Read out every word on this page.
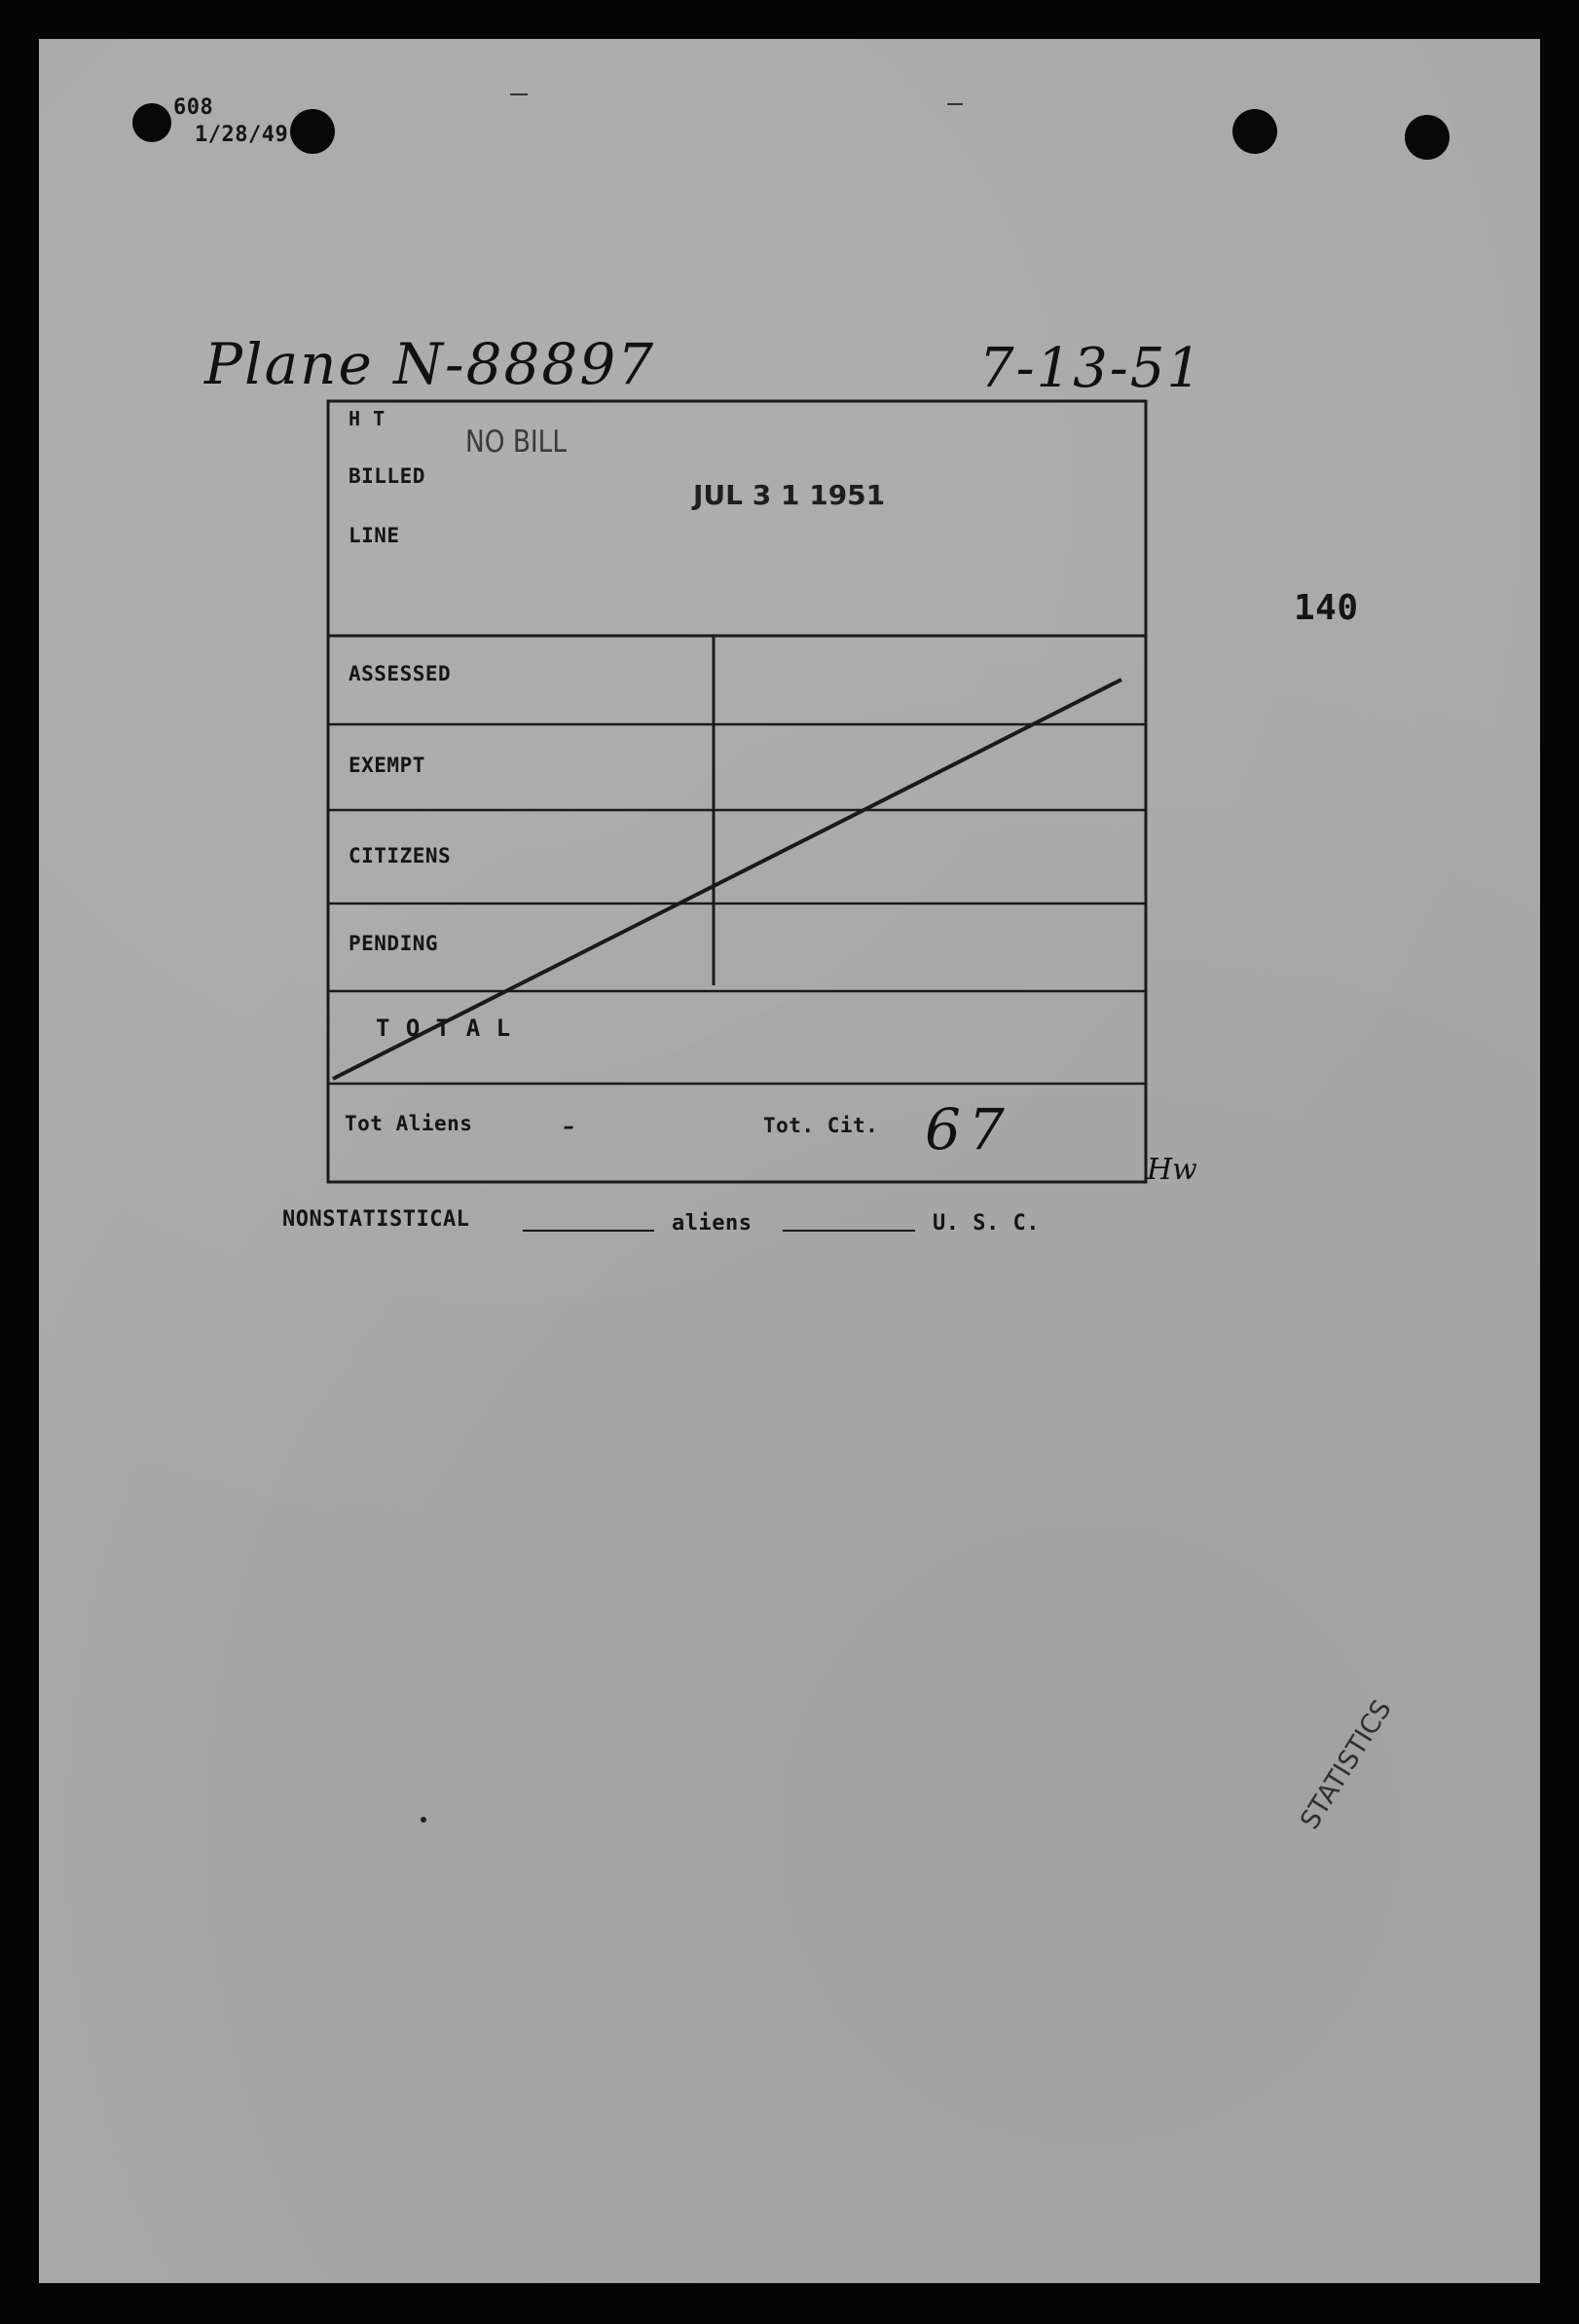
608
1/28/49
Plane N-88897	7-13-51
140
H T
BILLED
LINE
NO BILL
JUL 3 1 1951
ASSESSED
EXEMPT
CITIZENS
PENDING
T O T A L
Tot Aliens	-	Tot. Cit. 67
Hw
NONSTATISTICAL	aliens	U. S. C.
STATISTICS
